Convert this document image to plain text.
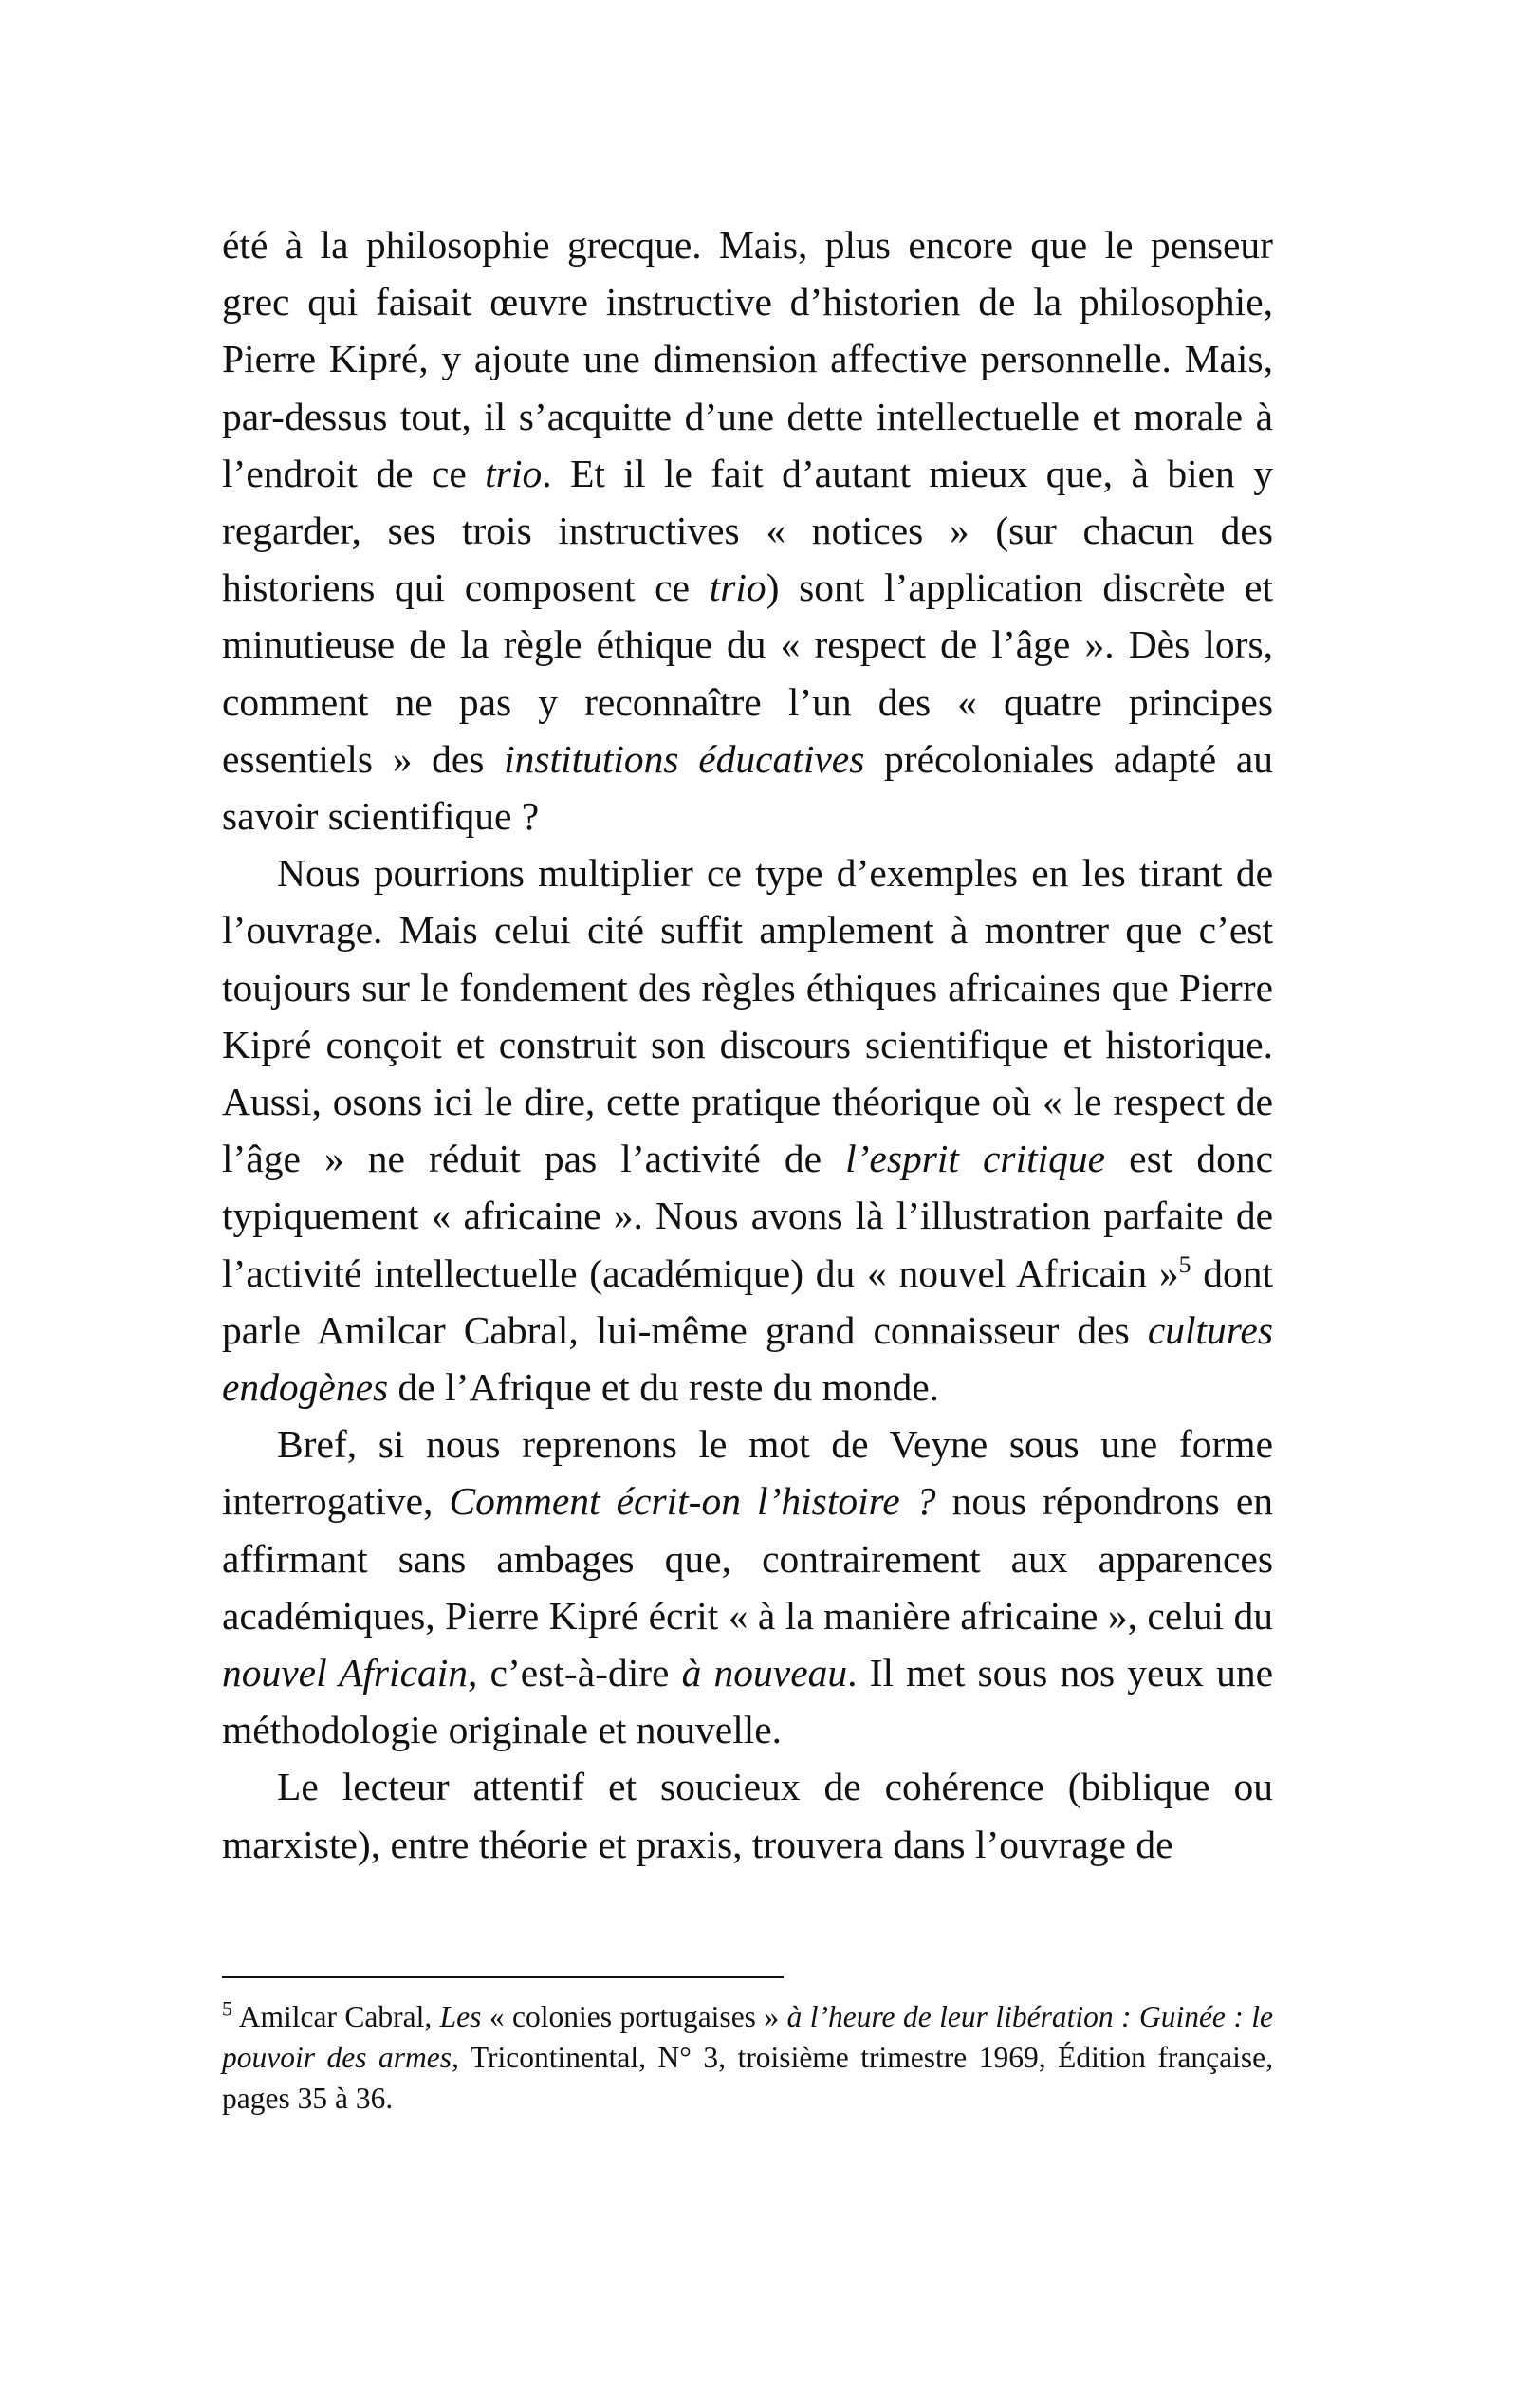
été à la philosophie grecque. Mais, plus encore que le penseur grec qui faisait œuvre instructive d’historien de la philosophie, Pierre Kipré, y ajoute une dimension affective personnelle. Mais, par-dessus tout, il s’acquitte d’une dette intellectuelle et morale à l’endroit de ce trio. Et il le fait d’autant mieux que, à bien y regarder, ses trois instructives « notices » (sur chacun des historiens qui composent ce trio) sont l’application discrète et minutieuse de la règle éthique du « respect de l’âge ». Dès lors, comment ne pas y reconnaître l’un des « quatre principes essentiels » des institutions éducatives précoloniales adapté au savoir scientifique ?

Nous pourrions multiplier ce type d’exemples en les tirant de l’ouvrage. Mais celui cité suffit amplement à montrer que c’est toujours sur le fondement des règles éthiques africaines que Pierre Kipré conçoit et construit son discours scientifique et historique. Aussi, osons ici le dire, cette pratique théorique où « le respect de l’âge » ne réduit pas l’activité de l’esprit critique est donc typiquement « africaine ». Nous avons là l’illustration parfaite de l’activité intellectuelle (académique) du « nouvel Africain »$^5$ dont parle Amilcar Cabral, lui-même grand connaisseur des cultures endogènes de l’Afrique et du reste du monde.

Bref, si nous reprenons le mot de Veyne sous une forme interrogative, Comment écrit-on l’histoire ? nous répondrons en affirmant sans ambages que, contrairement aux apparences académiques, Pierre Kipré écrit « à la manière africaine », celui du nouvel Africain, c’est-à-dire à nouveau. Il met sous nos yeux une méthodologie originale et nouvelle.

Le lecteur attentif et soucieux de cohérence (biblique ou marxiste), entre théorie et praxis, trouvera dans l’ouvrage de

$^5$ Amilcar Cabral, Les « colonies portugaises » à l’heure de leur libération : Guinée : le pouvoir des armes, Tricontinental, N° 3, troisième trimestre 1969, Édition française, pages 35 à 36.
